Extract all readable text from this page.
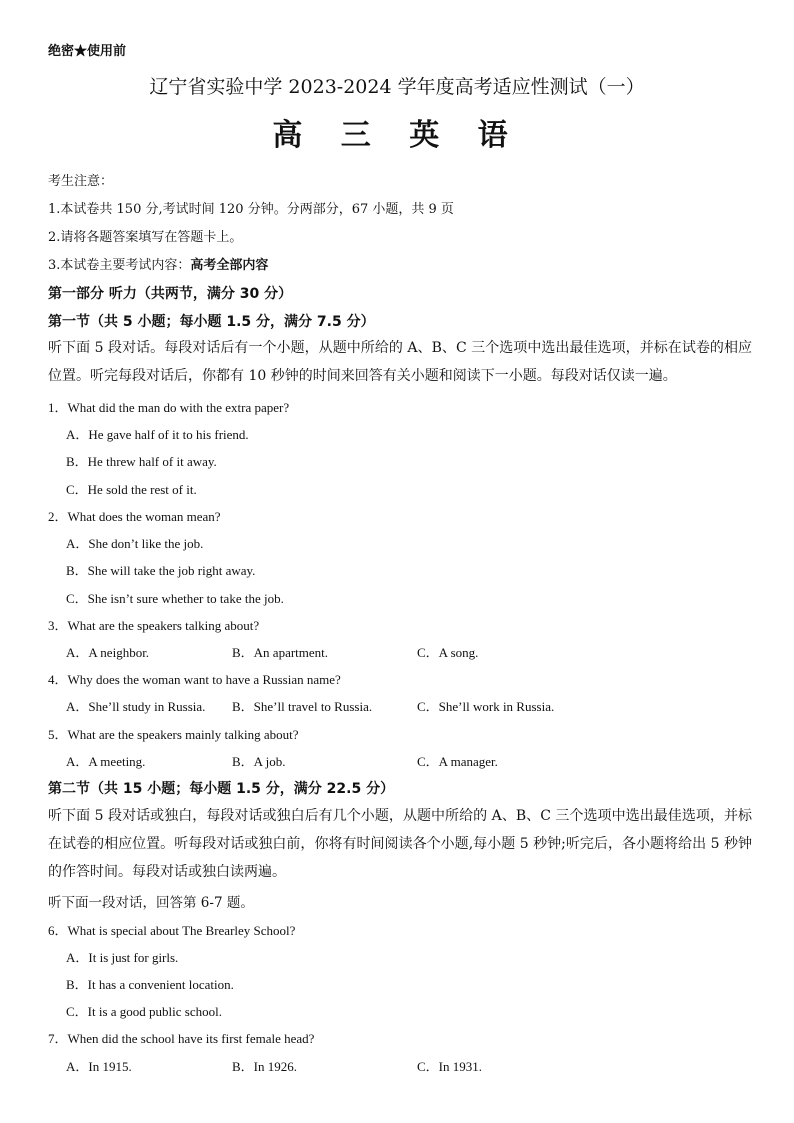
绝密★使用前
辽宁省实验中学 2023-2024 学年度高考适应性测试（一）
高 三 英 语
考生注意：
1.本试卷共 150 分,考试时间 120 分钟。分两部分，67 小题，共 9 页
2.请将各题答案填写在答题卡上。
3.本试卷主要考试内容：高考全部内容
第一部分 听力（共两节，满分 30 分）
第一节（共 5 小题；每小题 1.5 分，满分 7.5 分）
听下面 5 段对话。每段对话后有一个小题，从题中所给的 A、B、C 三个选项中选出最佳选项，并标在试卷的相应位置。听完每段对话后，你都有 10 秒钟的时间来回答有关小题和阅读下一小题。每段对话仅读一遍。
1．What did the man do with the extra paper?
A．He gave half of it to his friend.
B．He threw half of it away.
C．He sold the rest of it.
2．What does the woman mean?
A．She don’t like the job.
B．She will take the job right away.
C．She isn’t sure whether to take the job.
3．What are the speakers talking about?
A．A neighbor.	B．An apartment.	C．A song.
4．Why does the woman want to have a Russian name?
A．She’ll study in Russia. B．She’ll travel to Russia.	C．She’ll work in Russia.
5．What are the speakers mainly talking about?
A．A meeting.	B．A job.	C．A manager.
第二节（共 15 小题；每小题 1.5 分，满分 22.5 分）
听下面 5 段对话或独白，每段对话或独白后有几个小题，从题中所给的 A、B、C 三个选项中选出最佳选项，并标在试卷的相应位置。听每段对话或独白前，你将有时间阅读各个小题,每小题 5 秒钟;听完后，各小题将给出 5 秒钟的作答时间。每段对话或独白读两遍。
听下面一段对话，回答第 6-7 题。
6．What is special about The Brearley School?
A．It is just for girls.
B．It has a convenient location.
C．It is a good public school.
7．When did the school have its first female head?
A．In 1915.	B．In 1926.	C．In 1931.
